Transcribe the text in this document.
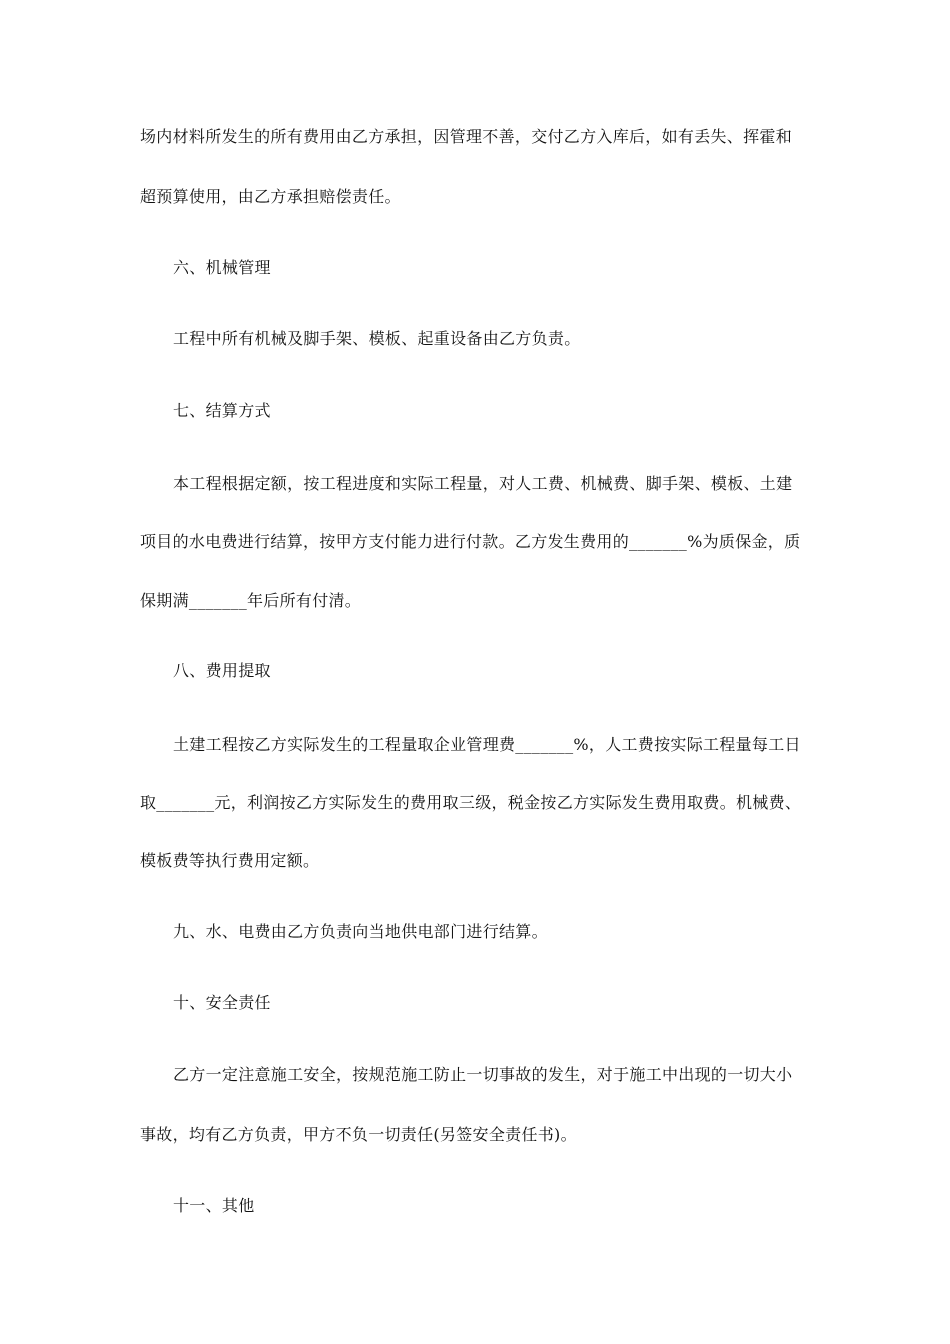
场内材料所发生的所有费用由乙方承担，因管理不善，交付乙方入库后，如有丢失、挥霍和
超预算使用，由乙方承担赔偿责任。
六、机械管理
工程中所有机械及脚手架、模板、起重设备由乙方负责。
七、结算方式
本工程根据定额，按工程进度和实际工程量，对人工费、机械费、脚手架、模板、土建
项目的水电费进行结算，按甲方支付能力进行付款。乙方发生费用的_______%为质保金，质
保期满_______年后所有付清。
八、费用提取
土建工程按乙方实际发生的工程量取企业管理费_______%，人工费按实际工程量每工日
取_______元，利润按乙方实际发生的费用取三级，税金按乙方实际发生费用取费。机械费、
模板费等执行费用定额。
九、水、电费由乙方负责向当地供电部门进行结算。
十、安全责任
乙方一定注意施工安全，按规范施工防止一切事故的发生，对于施工中出现的一切大小
事故，均有乙方负责，甲方不负一切责任(另签安全责任书)。
十一、其他
